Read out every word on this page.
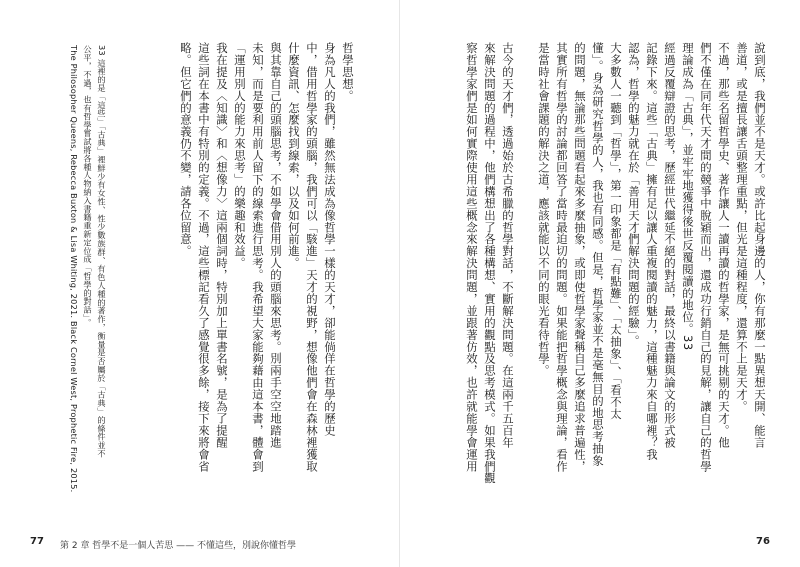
說到底，我們並不是天才。或許比起身邊的人，你有那麼一點異想天開、能言
善道，或是擅長讓舌頭整理重點，但光是這種程度，還算不上是天才。
不過，那些名留哲學史、著作讓人一讀再讀的哲學家，是無可挑剔的天才。他
們不僅在同年代天才間的競爭中脫穎而出，還成功行銷自己的見解，讓自己的哲學
理論成為「古典」，並牢牢地獲得後世反覆閱讀的地位。33
經過反覆辯證的思考，歷經世代繼延不絕的對話，最終以書籍與論文的形式被
記錄下來。這些「古典」擁有足以讓人重複閱讀的魅力，這種魅力來自哪裡？我
認為，哲學的魅力就在於「善用天才們解決問題的經驗」。
大多數人一聽到「哲學」，第一印象都是「有點難」、「太抽象」、「看不太
懂」。身為研究哲學的人，我也有同感。但是，哲學家並不是毫無目的地思考抽象
的問題，無論那些問題看起來多麼抽象，或即使哲學家聲稱自己多麼追求普遍性，
其實所有哲學的討論都回答了當時最迫切的問題。如果能把哲學概念與理論，看作
是當時社會課題的解決之道，應該就能以不同的眼光看待哲學。
古今的天才們，透過始於古希臘的哲學對話，不斷解決問題。在這兩千五百年
來解決問題的過程中，他們構想出了各種構想、實用的觀點及思考模式。如果我們觀
察哲學家們是如何實際使用這些概念來解決問題，並跟著仿效，也許就能學會運用
76
哲學思想。
身為凡人的我們，雖然無法成為像哲學一樣的天才，卻能倘佯在哲學的歷史
中，借用哲學家的頭腦，我們可以「駭進」天才的視野，想像他們會在森林裡獲取
什麼資訊、怎麼找到線索，以及如何前進。
與其靠自己的頭腦思考，不如學會借用別人的頭腦來思考。別兩手空空地踏進
未知，而是要利用前人留下的線索進行思考。我希望大家能夠藉由這本書，體會到
「運用別人的能力來思考」的樂趣和效益。
我在提及〈知識〉和〈想像力〉這兩個詞時，特別加上單書名號，是為了提醒
這些詞在本書中有特別的定義。不過，這些標記看久了感覺很多餘，接下來將會省
略。但它們的意義仍不變，請各位留意。
33 這裡的是「這些」「古典」裡鮮少有女性、性少數族群、有色人種的著作，衡量是否屬於「古典」的條件並不
公平，不過，也有哲學嘗試將各種人物納入書籍重新定位成「哲學的對話」。
The Philosopher Queens, Rebecca Buxton & Lisa Whiting, 2021. Black Cornel West, Prophetic Fire, 2015.
77 第 2 章 哲學不是一個人苦思 —— 不懂這些，別說你懂哲學
